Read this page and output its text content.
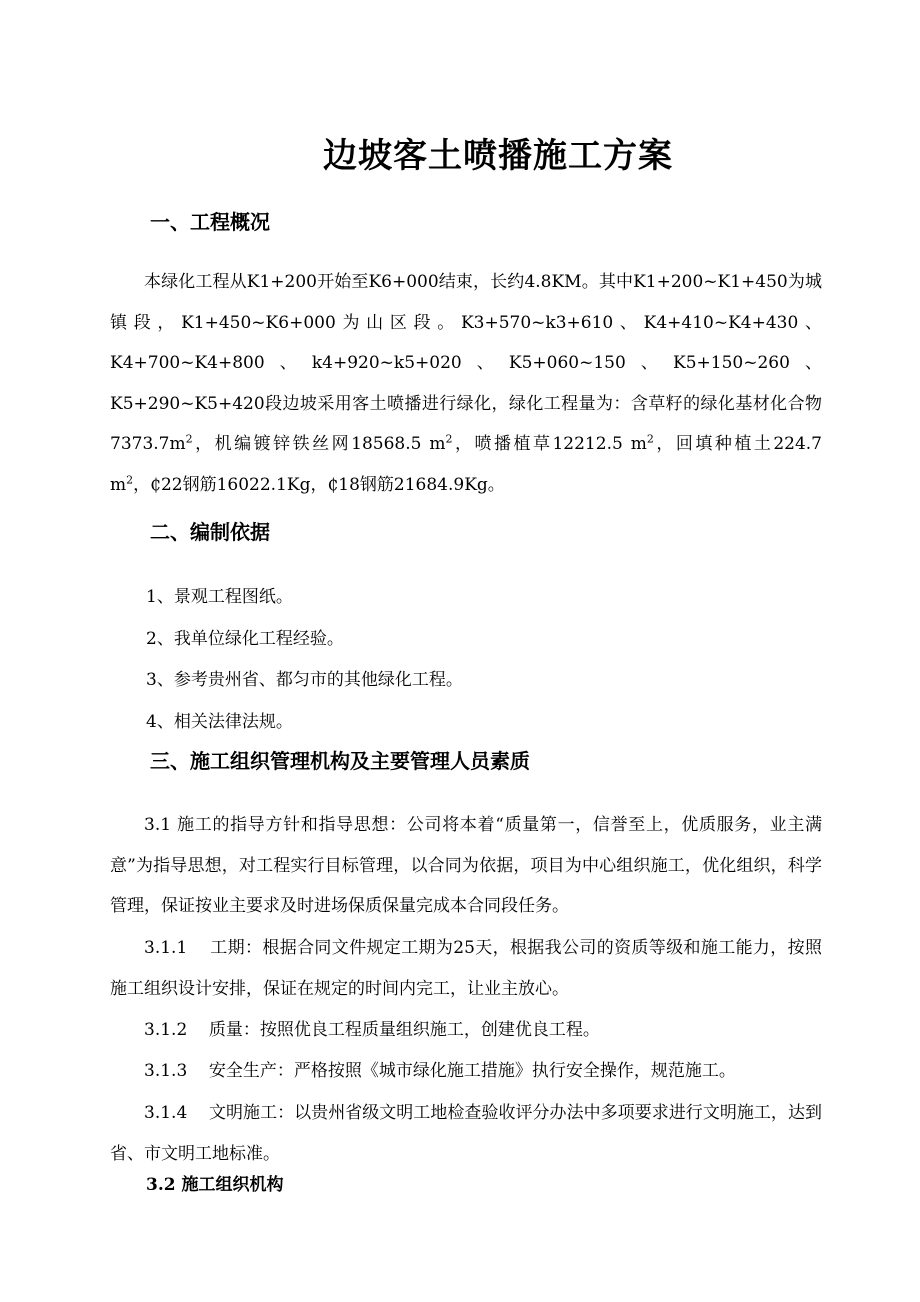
边坡客土喷播施工方案
一、工程概况
本绿化工程从K1+200开始至K6+000结束，长约4.8KM。其中K1+200~K1+450为城镇段，K1+450~K6+000为山区段。K3+570~k3+610、K4+410~K4+430、K4+700~K4+800、k4+920~k5+020、K5+060~150、K5+150~260、K5+290~K5+420段边坡采用客土喷播进行绿化，绿化工程量为：含草籽的绿化基材化合物$7373.7m^2$，机编镀锌铁丝网18568.5 $m^2$，喷播植草12212.5 $m^2$，回填种植土224.7 $m^2$，₵22钢筋16022.1Kg，₵18钢筋21684.9Kg。
二、编制依据
1、景观工程图纸。
2、我单位绿化工程经验。
3、参考贵州省、都匀市的其他绿化工程。
4、相关法律法规。
三、施工组织管理机构及主要管理人员素质
3.1 施工的指导方针和指导思想：公司将本着“质量第一，信誉至上，优质服务，业主满意”为指导思想，对工程实行目标管理，以合同为依据，项目为中心组织施工，优化组织，科学管理，保证按业主要求及时进场保质保量完成本合同段任务。
3.1.1    工期：根据合同文件规定工期为25天，根据我公司的资质等级和施工能力，按照施工组织设计安排，保证在规定的时间内完工，让业主放心。
3.1.2    质量：按照优良工程质量组织施工，创建优良工程。
3.1.3    安全生产：严格按照《城市绿化施工措施》执行安全操作，规范施工。
3.1.4    文明施工：以贵州省级文明工地检查验收评分办法中多项要求进行文明施工，达到省、市文明工地标准。
3.2 施工组织机构
